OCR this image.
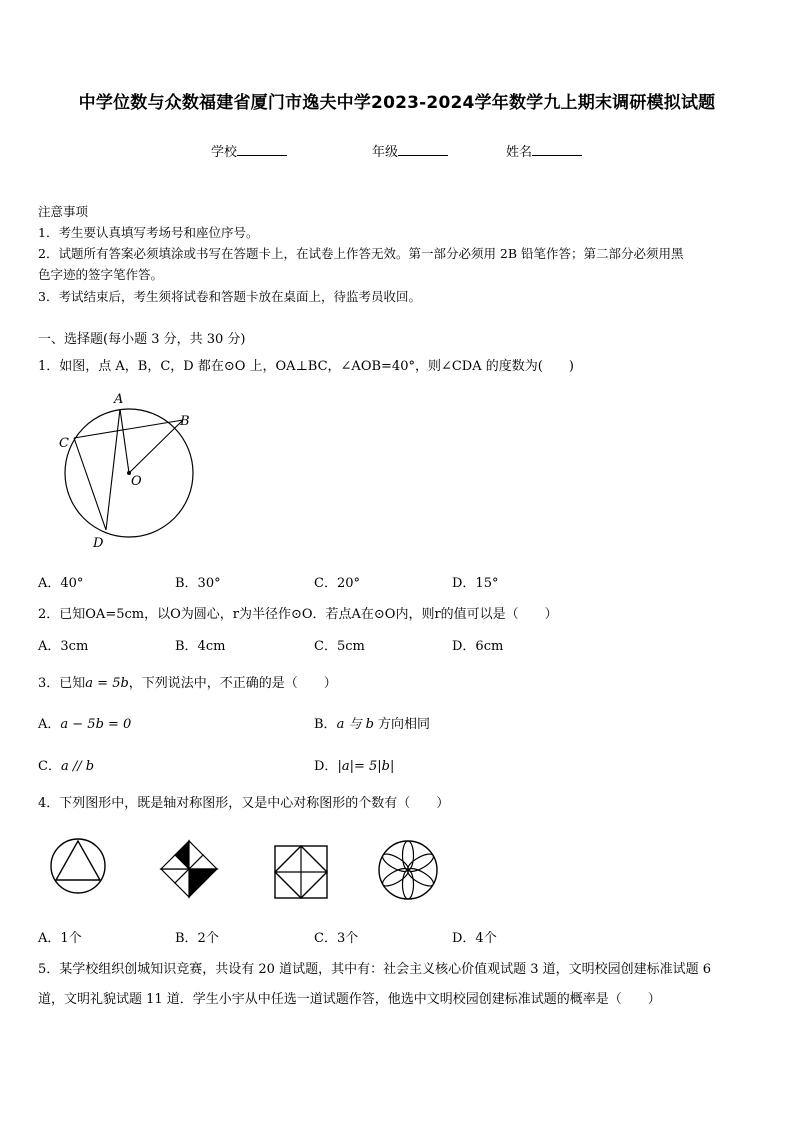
中学位数与众数福建省厦门市逸夫中学2023-2024学年数学九上期末调研模拟试题
学校	年级	姓名
注意事项
1．考生要认真填写考场号和座位序号。
2．试题所有答案必须填涂或书写在答题卡上，在试卷上作答无效。第一部分必须用 2B 铅笔作答；第二部分必须用黑
色字迹的签字笔作答。
3．考试结束后，考生须将试卷和答题卡放在桌面上，待监考员收回。
一、选择题(每小题 3 分，共 30 分)
1．如图，点 A，B，C，D 都在⊙O 上，OA⊥BC，∠AOB=40°，则∠CDA 的度数为(　　)
A
B
C
O
D
A．40°	B．30°	C．20°	D．15°
2．已知OA=5cm，以O为圆心，r为半径作⊙O．若点A在⊙O内，则r的值可以是（　　）
A．3cm	B．4cm	C．5cm	D．6cm
3．已知a = 5b，下列说法中，不正确的是（　　）
A．a − 5b = 0	B．a 与 b 方向相同
C．a // b	D．|a|= 5|b|
4．下列图形中，既是轴对称图形，又是中心对称图形的个数有（　　）
A．1个	B．2个	C．3个	D．4个
5．某学校组织创城知识竞赛，共设有 20 道试题，其中有：社会主义核心价值观试题 3 道，文明校园创建标准试题 6
道，文明礼貌试题 11 道．学生小宇从中任选一道试题作答，他选中文明校园创建标准试题的概率是（　　）
